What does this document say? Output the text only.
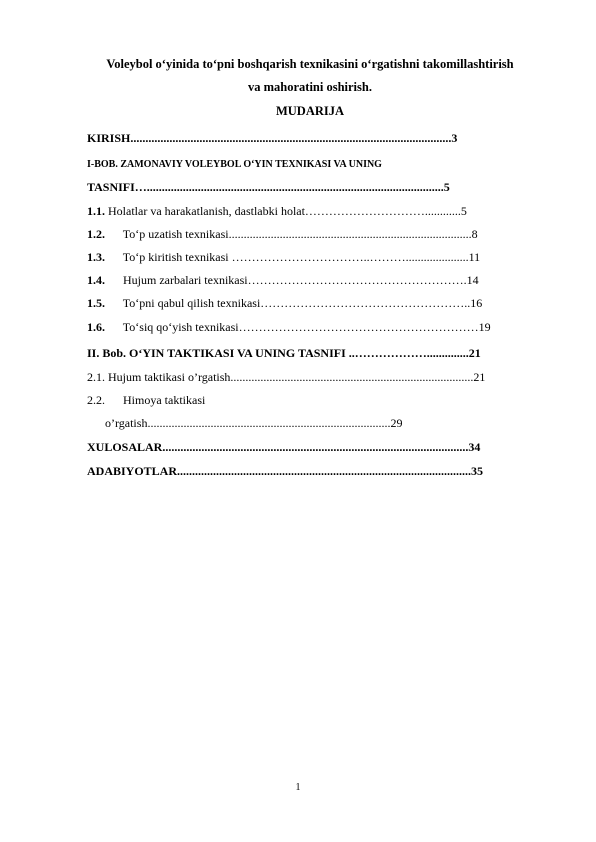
Voleybol o‘yinida to‘pni boshqarish texnikasini o‘rgatishni takomillashtirish
va mahoratini oshirish.
MUDARIJA
KIRISH...........................................................................................................3
I-BOB. ZAMONAVIY VOLEYBOL O‘YIN TEXNIKASI VA UNING
TASNIFI…...................................................................................................5
1.1. Holatlar va harakatlanish, dastlabki holat…………………………............5
1.2. To‘p uzatish texnikasi.................................................................................8
1.3. To‘p kiritish texnikasi ……………………………..……….....................11
1.4. Hujum zarbalari texnikasi……………………………………………….14
1.5. To‘pni qabul qilish texnikasi……………………………………………..16
1.6. To‘siq qo‘yish texnikasi……………………………………………………19
II. Bob. O‘YIN TAKTIKASI VA UNING TASNIFI ..………………..............21
2.1. Hujum taktikasi o’rgatish.................................................................................21
2.2. Himoya taktikasi
o’rgatish.................................................................................29
XULOSALAR......................................................................................................34
ADABIYOTLAR..................................................................................................35
1
